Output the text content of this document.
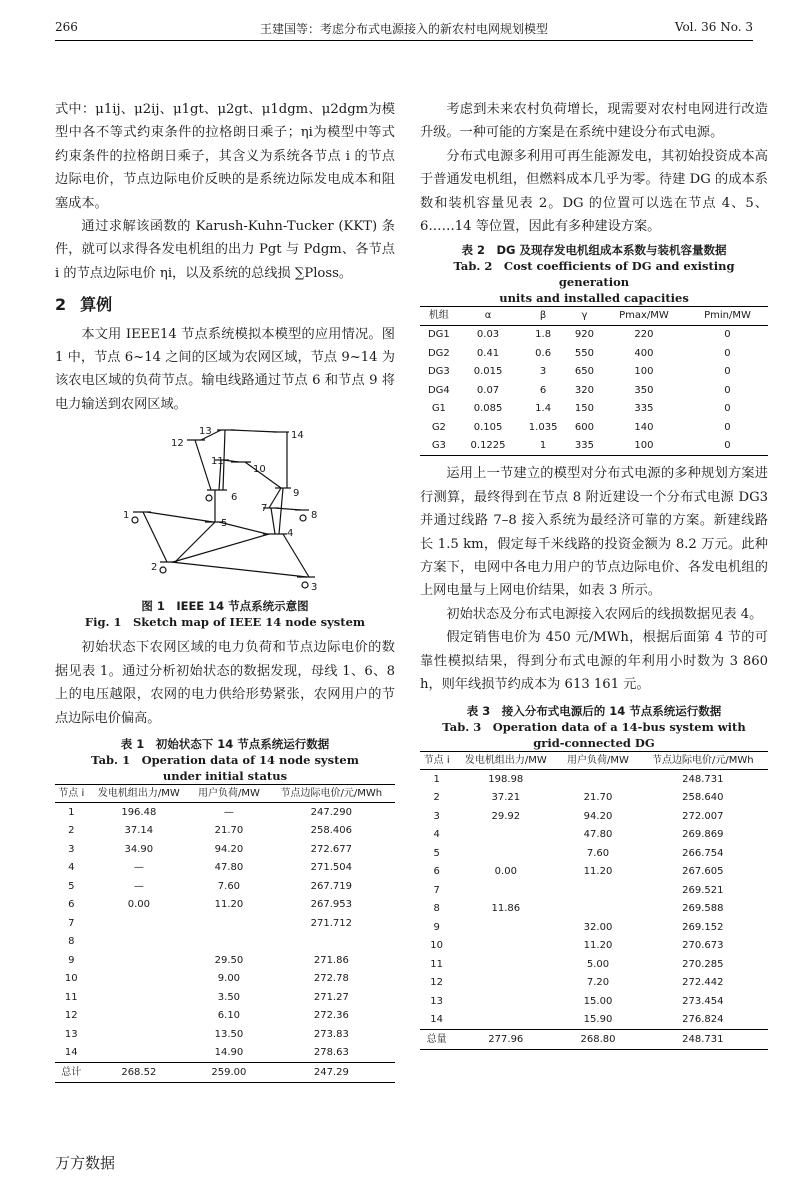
266	王建国等：考虑分布式电源接入的新农村电网规划模型	Vol. 36 No. 3

式中：μ1ij、μ2ij、μ1gt、μ2gt、μ1dgm、μ2dgm为模型中各不等式约束条件的拉格朗日乘子；ηi为模型中等式约束条件的拉格朗日乘子，其含义为系统各节点 i 的节点边际电价，节点边际电价反映的是系统边际发电成本和阻塞成本。

通过求解该函数的 Karush-Kuhn-Tucker (KKT) 条件，就可以求得各发电机组的出力 Pgt 与 Pdgm、各节点 i 的节点边际电价 ηi，以及系统的总线损 ∑Ploss。

2 算例

本文用 IEEE14 节点系统模拟本模型的应用情况。图 1 中，节点 6~14 之间的区域为农网区域，节点 9~14 为该农电区域的负荷节点。输电线路通过节点 6 和节点 9 将电力输送到农网区域。

1
2
3
4
5
6
7
8
9
10
11
12
13	14
图 1　IEEE 14 节点系统示意图
Fig. 1　Sketch map of IEEE 14 node system

初始状态下农网区域的电力负荷和节点边际电价的数据见表 1。通过分析初始状态的数据发现，母线 1、6、8 上的电压越限，农网的电力供给形势紧张，农网用户的节点边际电价偏高。

表 1　初始状态下 14 节点系统运行数据
Tab. 1　Operation data of 14 node system
under initial status
节点 i	发电机组出力/MW	用户负荷/MW	节点边际电价/元/MWh
1	196.48	—	247.290
2	37.14	21.70	258.406
3	34.90	94.20	272.677
4	—	47.80	271.504
5	—	7.60	267.719
6	0.00	11.20	267.953
7			271.712
8			
9		29.50	271.86
10		9.00	272.78
11		3.50	271.27
12		6.10	272.36
13		13.50	273.83
14		14.90	278.63
总计	268.52	259.00	247.29

考虑到未来农村负荷增长，现需要对农村电网进行改造升级。一种可能的方案是在系统中建设分布式电源。

分布式电源多利用可再生能源发电，其初始投资成本高于普通发电机组，但燃料成本几乎为零。待建 DG 的成本系数和装机容量见表 2。DG 的位置可以选在节点 4、5、6……14 等位置，因此有多种建设方案。

表 2　DG 及现存发电机组成本系数与装机容量数据
Tab. 2　Cost coefficients of DG and existing generation
units and installed capacities
机组	α	β	γ	Pmax/MW	Pmin/MW
DG1	0.03	1.8	920	220	0
DG2	0.41	0.6	550	400	0
DG3	0.015	3	650	100	0
DG4	0.07	6	320	350	0
G1	0.085	1.4	150	335	0
G2	0.105	1.035	600	140	0
G3	0.1225	1	335	100	0

运用上一节建立的模型对分布式电源的多种规划方案进行测算，最终得到在节点 8 附近建设一个分布式电源 DG3 并通过线路 7–8 接入系统为最经济可靠的方案。新建线路长 1.5 km，假定每千米线路的投资金额为 8.2 万元。此种方案下，电网中各电力用户的节点边际电价、各发电机组的上网电量与上网电价结果，如表 3 所示。

初始状态及分布式电源接入农网后的线损数据见表 4。

假定销售电价为 450 元/MWh，根据后面第 4 节的可靠性模拟结果，得到分布式电源的年利用小时数为 3 860 h，则年线损节约成本为 613 161 元。

表 3　接入分布式电源后的 14 节点系统运行数据
Tab. 3　Operation data of a 14-bus system with
grid-connected DG
节点 i	发电机组出力/MW	用户负荷/MW	节点边际电价/元/MWh
1	198.98		248.731
2	37.21	21.70	258.640
3	29.92	94.20	272.007
4		47.80	269.869
5		7.60	266.754
6	0.00	11.20	267.605
7			269.521
8	11.86		269.588
9		32.00	269.152
10		11.20	270.673
11		5.00	270.285
12		7.20	272.442
13		15.00	273.454
14		15.90	276.824
总量	277.96	268.80	248.731
万方数据
